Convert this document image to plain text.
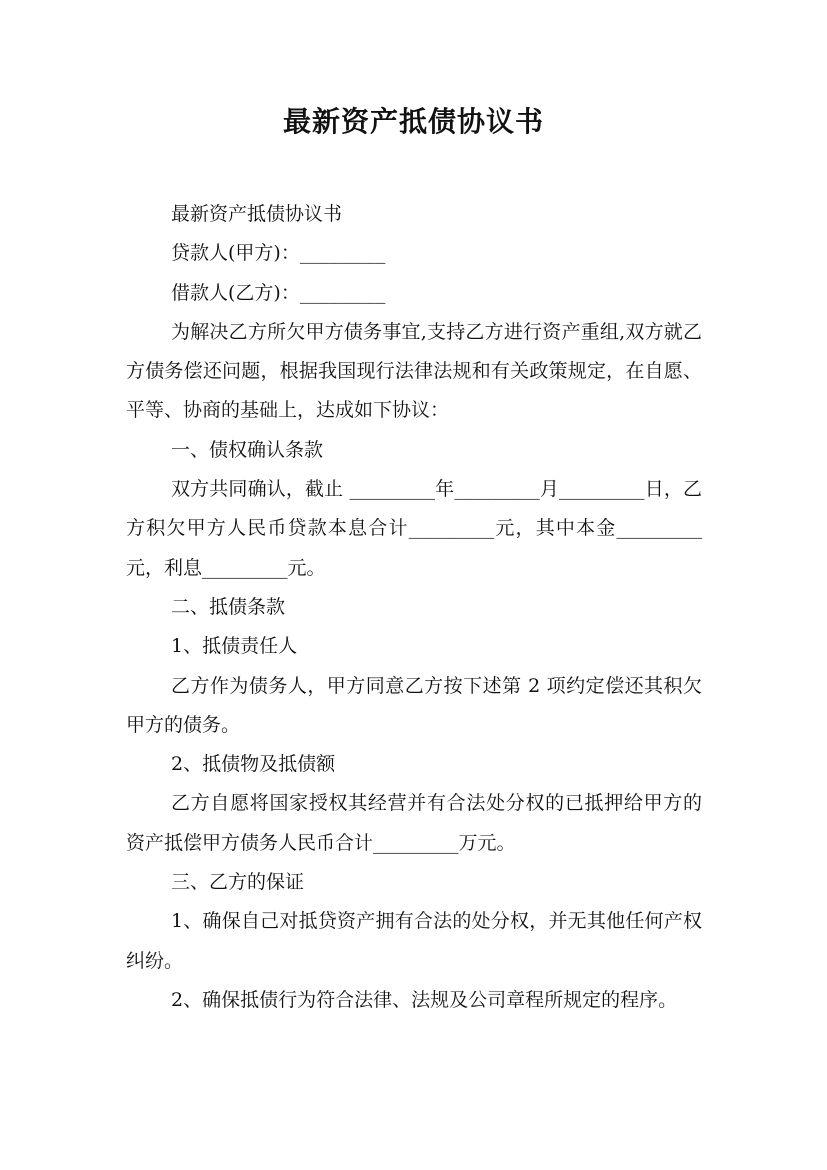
最新资产抵债协议书

最新资产抵债协议书

贷款人(甲方)：_________

借款人(乙方)：_________

为解决乙方所欠甲方债务事宜,支持乙方进行资产重组,双方就乙方债务偿还问题，根据我国现行法律法规和有关政策规定，在自愿、平等、协商的基础上，达成如下协议：

一、债权确认条款

双方共同确认，截止 _________年_________月_________日，乙方积欠甲方人民币贷款本息合计_________元，其中本金_________元，利息_________元。

二、抵债条款

1、抵债责任人

乙方作为债务人，甲方同意乙方按下述第 2 项约定偿还其积欠甲方的债务。

2、抵债物及抵债额

乙方自愿将国家授权其经营并有合法处分权的已抵押给甲方的资产抵偿甲方债务人民币合计_________万元。

三、乙方的保证

1、确保自己对抵贷资产拥有合法的处分权，并无其他任何产权纠纷。

2、确保抵债行为符合法律、法规及公司章程所规定的程序。
